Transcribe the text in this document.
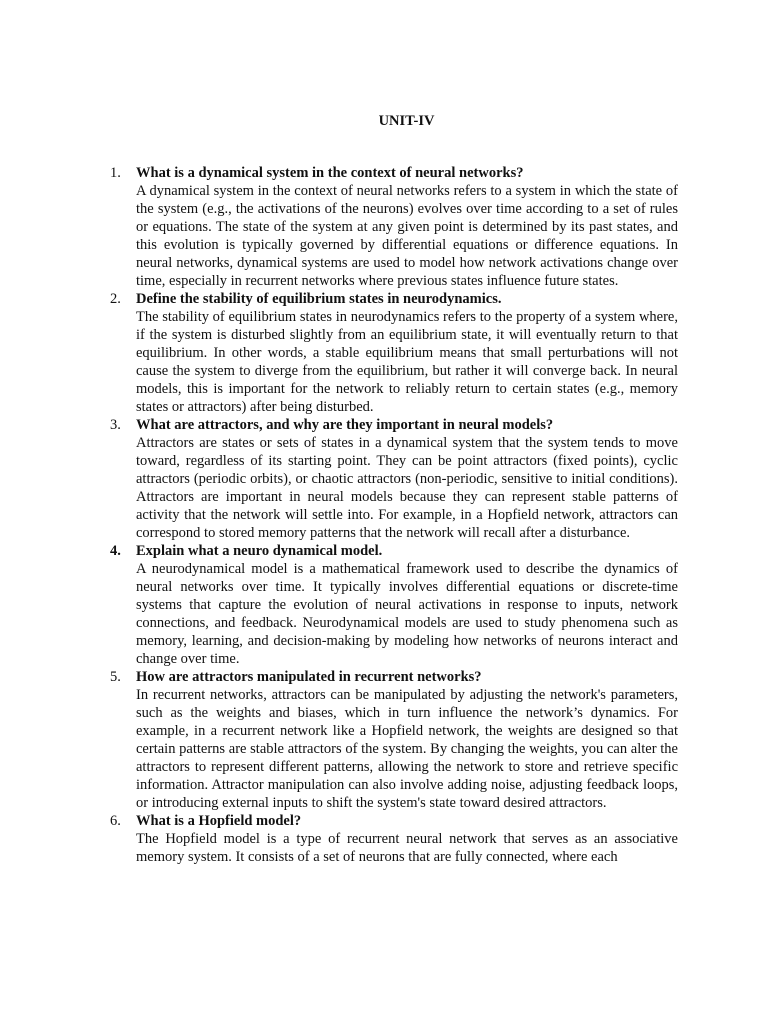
UNIT-IV
1. What is a dynamical system in the context of neural networks?

A dynamical system in the context of neural networks refers to a system in which the state of the system (e.g., the activations of the neurons) evolves over time according to a set of rules or equations. The state of the system at any given point is determined by its past states, and this evolution is typically governed by differential equations or difference equations. In neural networks, dynamical systems are used to model how network activations change over time, especially in recurrent networks where previous states influence future states.

2. Define the stability of equilibrium states in neurodynamics.

The stability of equilibrium states in neurodynamics refers to the property of a system where, if the system is disturbed slightly from an equilibrium state, it will eventually return to that equilibrium. In other words, a stable equilibrium means that small perturbations will not cause the system to diverge from the equilibrium, but rather it will converge back. In neural models, this is important for the network to reliably return to certain states (e.g., memory states or attractors) after being disturbed.

3. What are attractors, and why are they important in neural models?

Attractors are states or sets of states in a dynamical system that the system tends to move toward, regardless of its starting point. They can be point attractors (fixed points), cyclic attractors (periodic orbits), or chaotic attractors (non-periodic, sensitive to initial conditions). Attractors are important in neural models because they can represent stable patterns of activity that the network will settle into. For example, in a Hopfield network, attractors can correspond to stored memory patterns that the network will recall after a disturbance.

4. Explain what a neuro dynamical model.

A neurodynamical model is a mathematical framework used to describe the dynamics of neural networks over time. It typically involves differential equations or discrete-time systems that capture the evolution of neural activations in response to inputs, network connections, and feedback. Neurodynamical models are used to study phenomena such as memory, learning, and decision-making by modeling how networks of neurons interact and change over time.

5. How are attractors manipulated in recurrent networks?

In recurrent networks, attractors can be manipulated by adjusting the network's parameters, such as the weights and biases, which in turn influence the network’s dynamics. For example, in a recurrent network like a Hopfield network, the weights are designed so that certain patterns are stable attractors of the system. By changing the weights, you can alter the attractors to represent different patterns, allowing the network to store and retrieve specific information. Attractor manipulation can also involve adding noise, adjusting feedback loops, or introducing external inputs to shift the system's state toward desired attractors.

6. What is a Hopfield model?

The Hopfield model is a type of recurrent neural network that serves as an associative memory system. It consists of a set of neurons that are fully connected, where each
